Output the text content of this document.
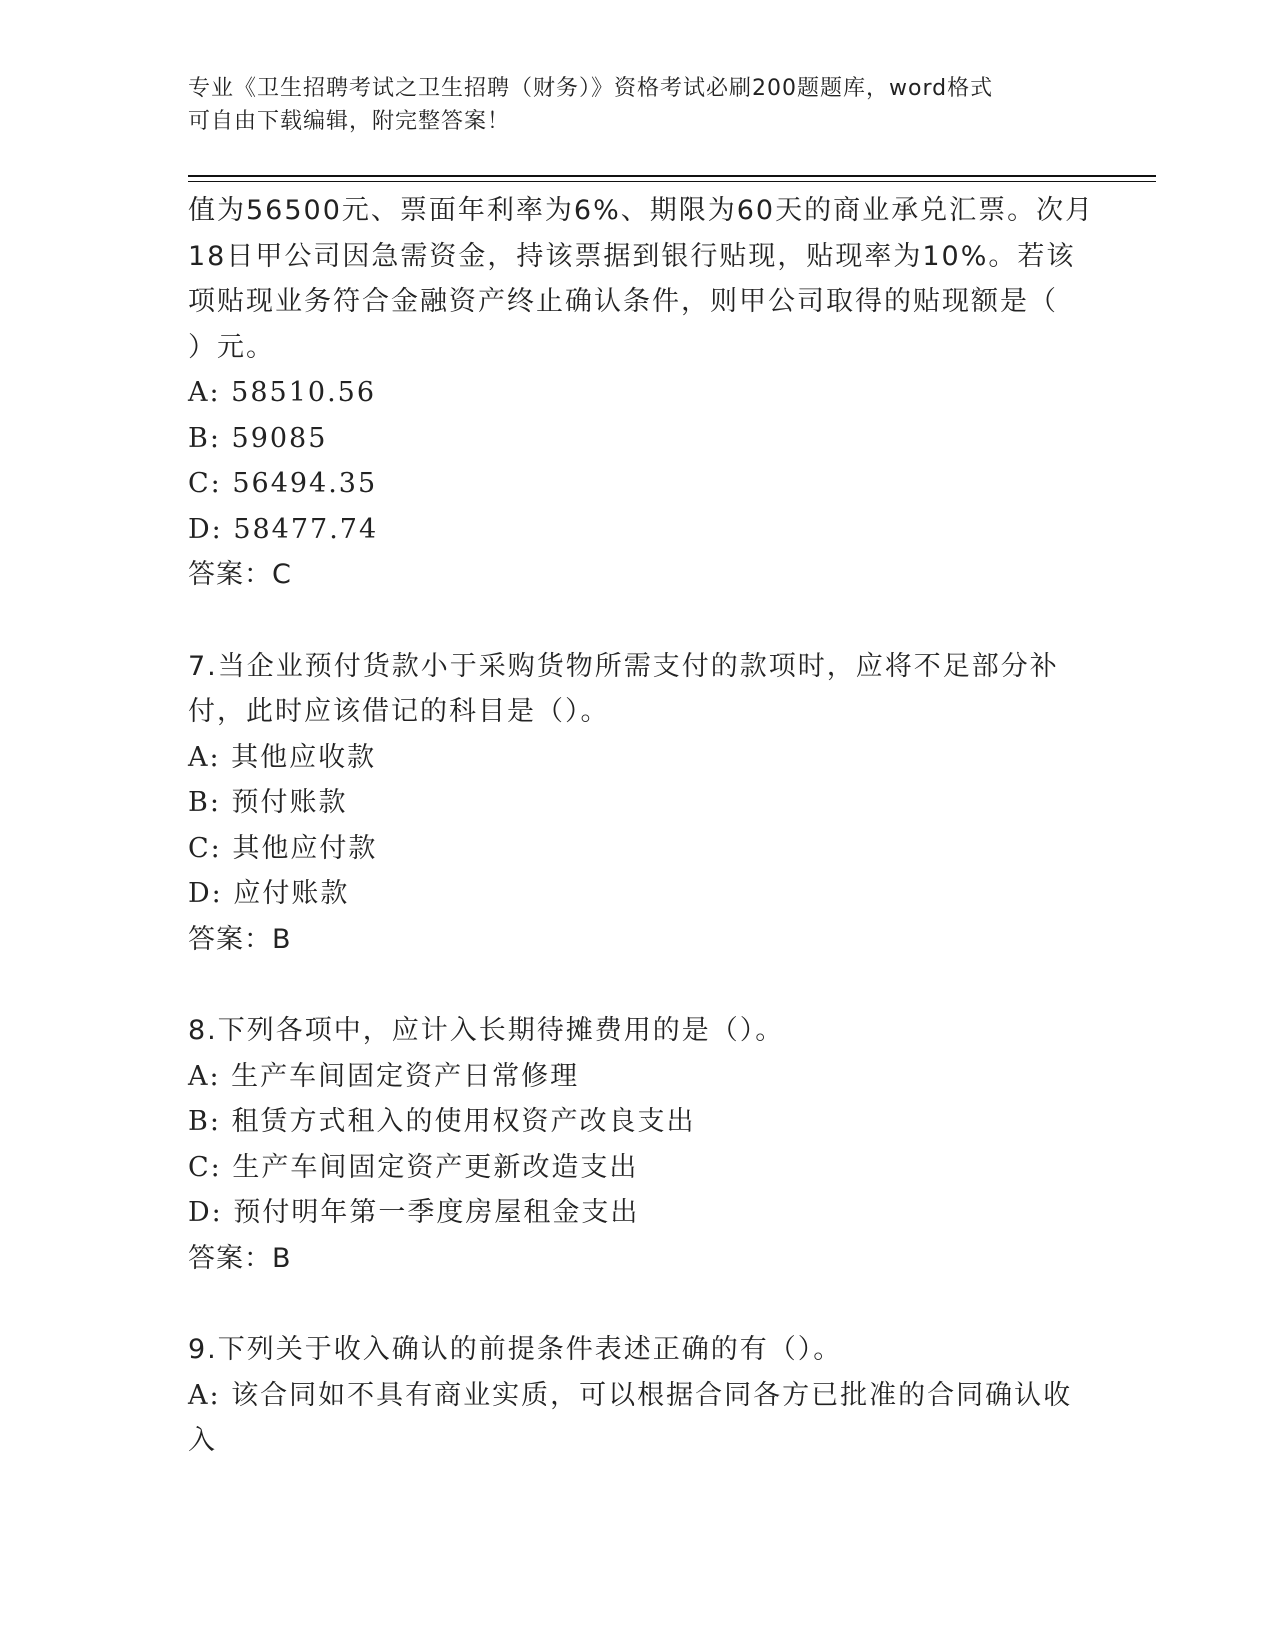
专业《卫生招聘考试之卫生招聘（财务）》资格考试必刷200题题库，word格式
可自由下载编辑，附完整答案！

值为56500元、票面年利率为6%、期限为60天的商业承兑汇票。次月

18日甲公司因急需资金，持该票据到银行贴现，贴现率为10%。若该

项贴现业务符合金融资产终止确认条件，则甲公司取得的贴现额是（

）元。

A: 58510.56

B: 59085

C: 56494.35

D: 58477.74

答案：C

7.当企业预付货款小于采购货物所需支付的款项时，应将不足部分补

付，此时应该借记的科目是（）。

A: 其他应收款

B: 预付账款

C: 其他应付款

D: 应付账款

答案：B

8.下列各项中，应计入长期待摊费用的是（）。

A: 生产车间固定资产日常修理

B: 租赁方式租入的使用权资产改良支出

C: 生产车间固定资产更新改造支出

D: 预付明年第一季度房屋租金支出

答案：B

9.下列关于收入确认的前提条件表述正确的有（）。

A: 该合同如不具有商业实质，可以根据合同各方已批准的合同确认收

入
